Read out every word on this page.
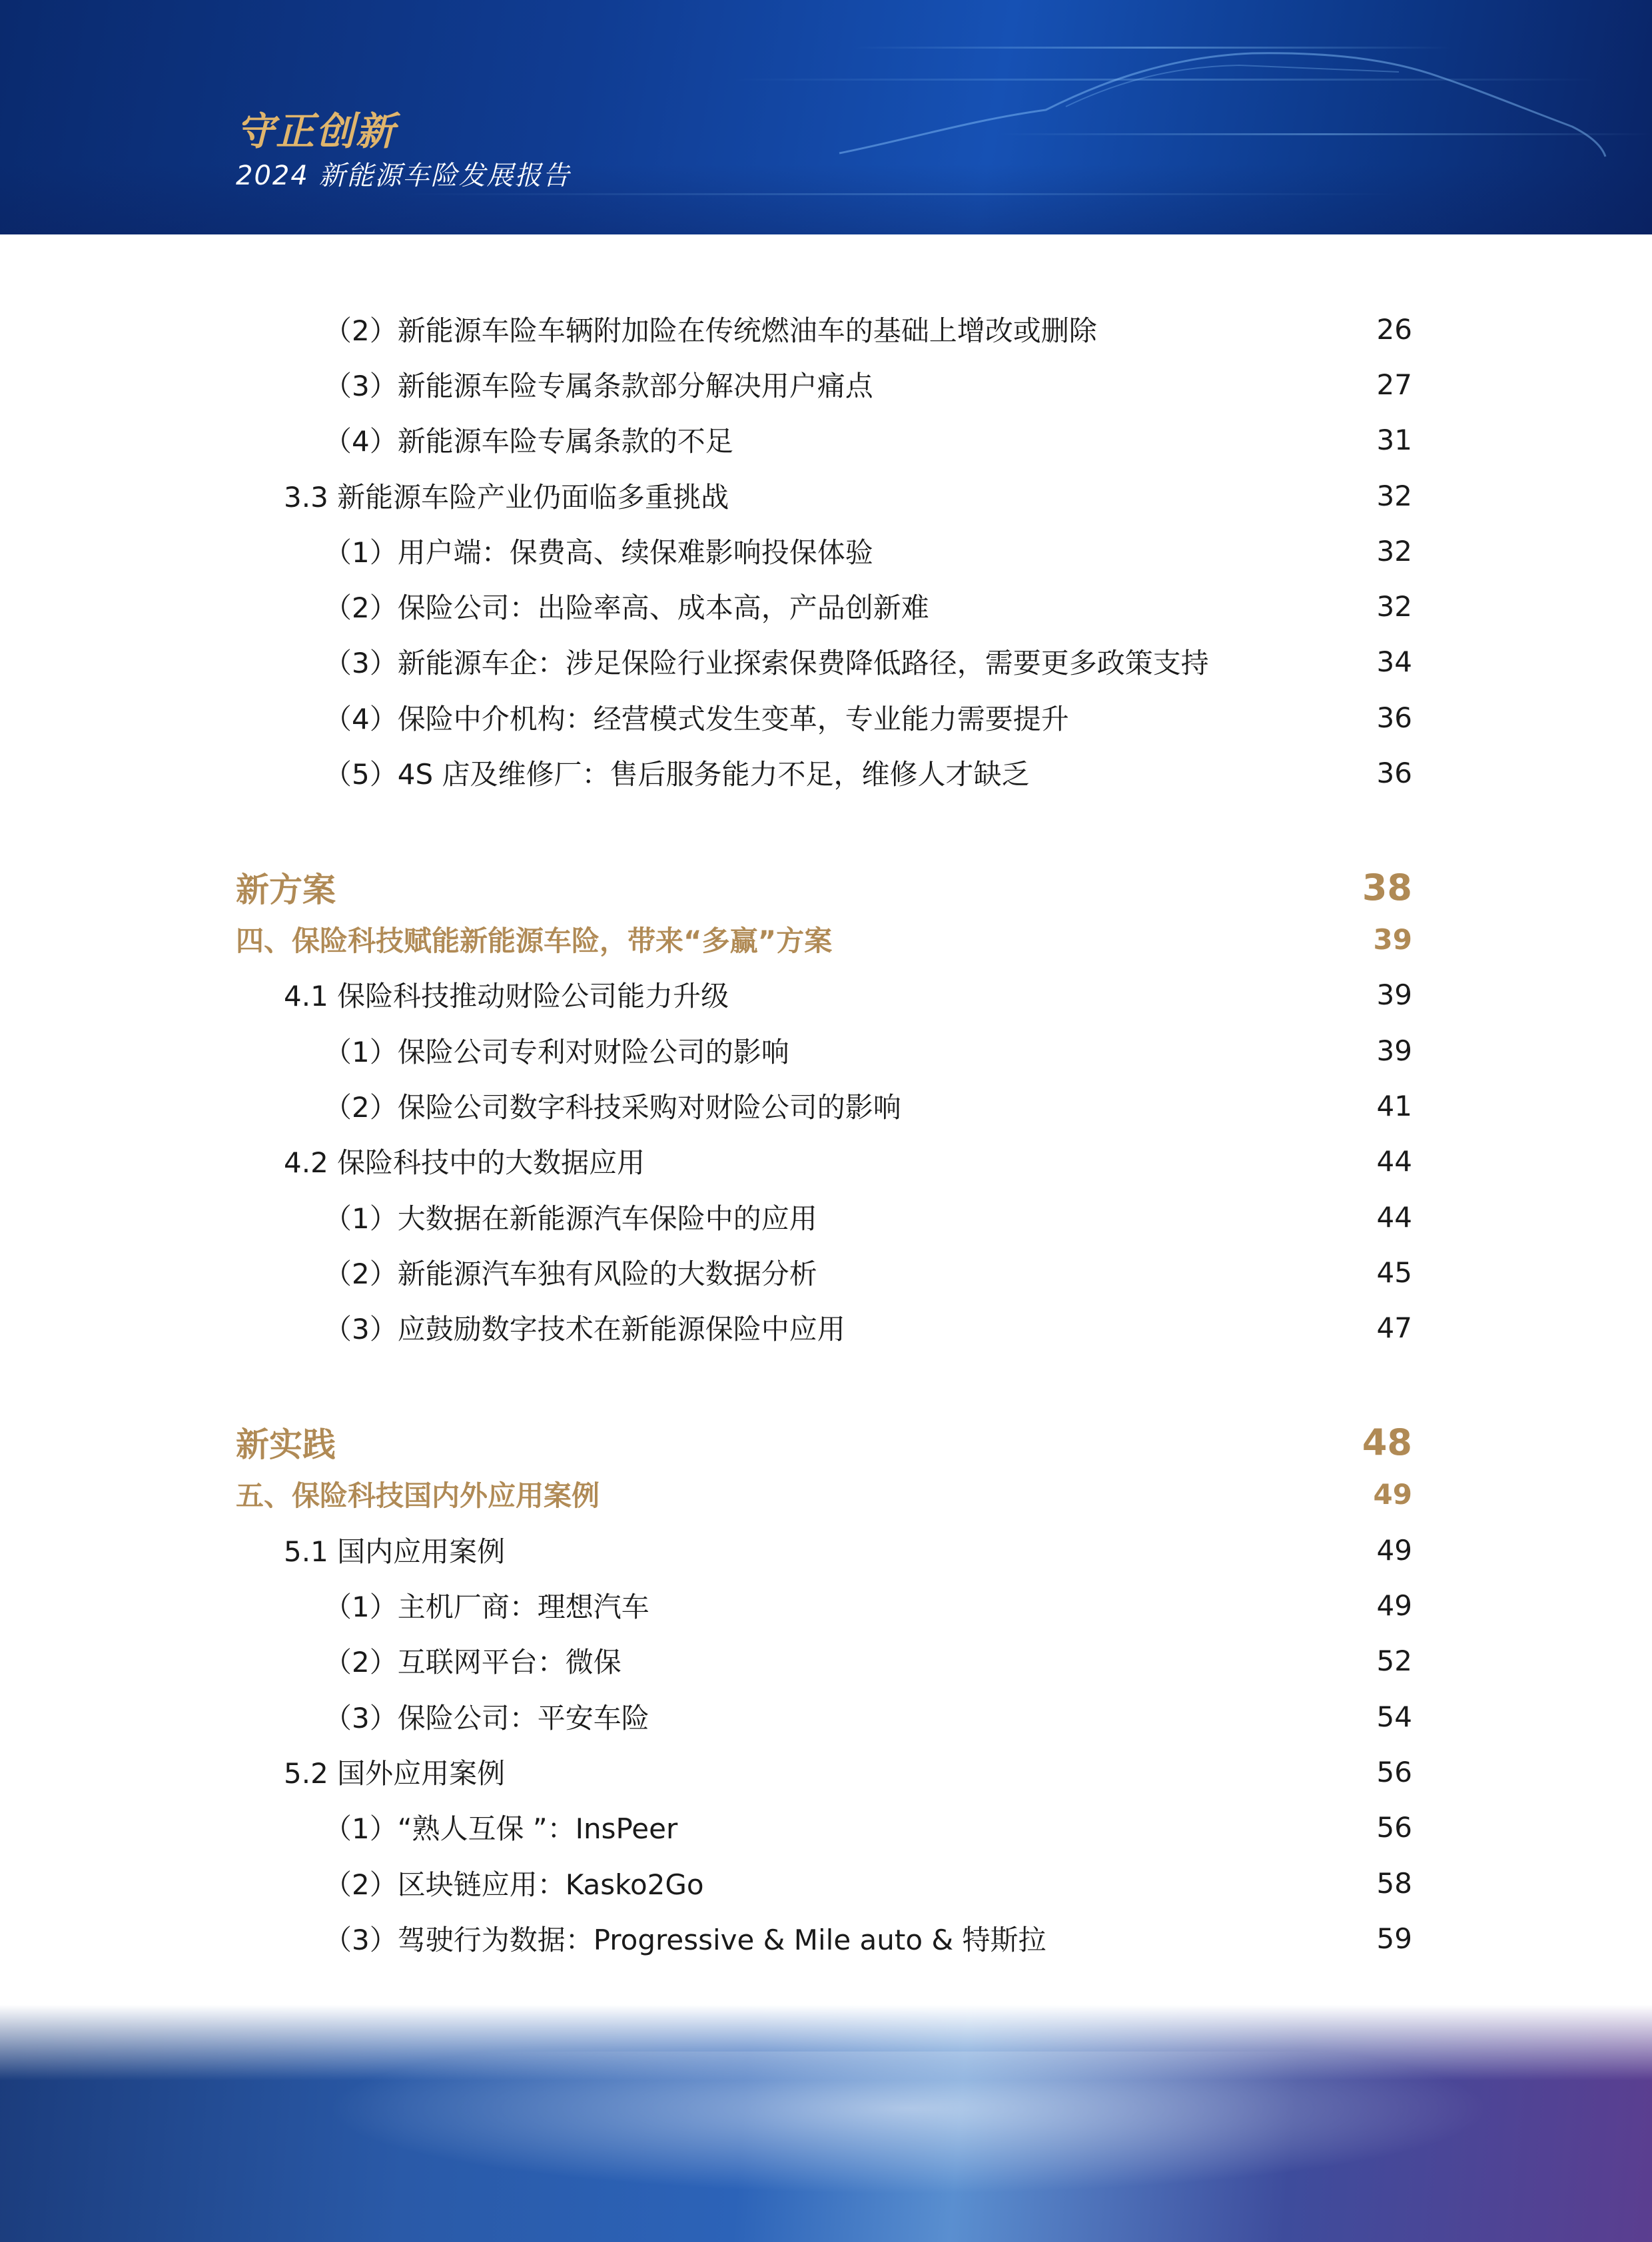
守正创新
2024 新能源车险发展报告
（2）新能源车险车辆附加险在传统燃油车的基础上增改或删除	26
（3）新能源车险专属条款部分解决用户痛点	27
（4）新能源车险专属条款的不足	31
3.3 新能源车险产业仍面临多重挑战	32
（1）用户端：保费高、续保难影响投保体验	32
（2）保险公司：出险率高、成本高，产品创新难	32
（3）新能源车企：涉足保险行业探索保费降低路径，需要更多政策支持	34
（4）保险中介机构：经营模式发生变革，专业能力需要提升	36
（5）4S 店及维修厂：售后服务能力不足，维修人才缺乏	36
新方案	38
四、保险科技赋能新能源车险，带来“多赢”方案	39
4.1 保险科技推动财险公司能力升级	39
（1）保险公司专利对财险公司的影响	39
（2）保险公司数字科技采购对财险公司的影响	41
4.2 保险科技中的大数据应用	44
（1）大数据在新能源汽车保险中的应用	44
（2）新能源汽车独有风险的大数据分析	45
（3）应鼓励数字技术在新能源保险中应用	47
新实践	48
五、保险科技国内外应用案例	49
5.1 国内应用案例	49
（1）主机厂商：理想汽车	49
（2）互联网平台：微保	52
（3）保险公司：平安车险	54
5.2 国外应用案例	56
（1）“熟人互保 ”：InsPeer	56
（2）区块链应用：Kasko2Go	58
（3）驾驶行为数据：Progressive & Mile auto & 特斯拉	59
